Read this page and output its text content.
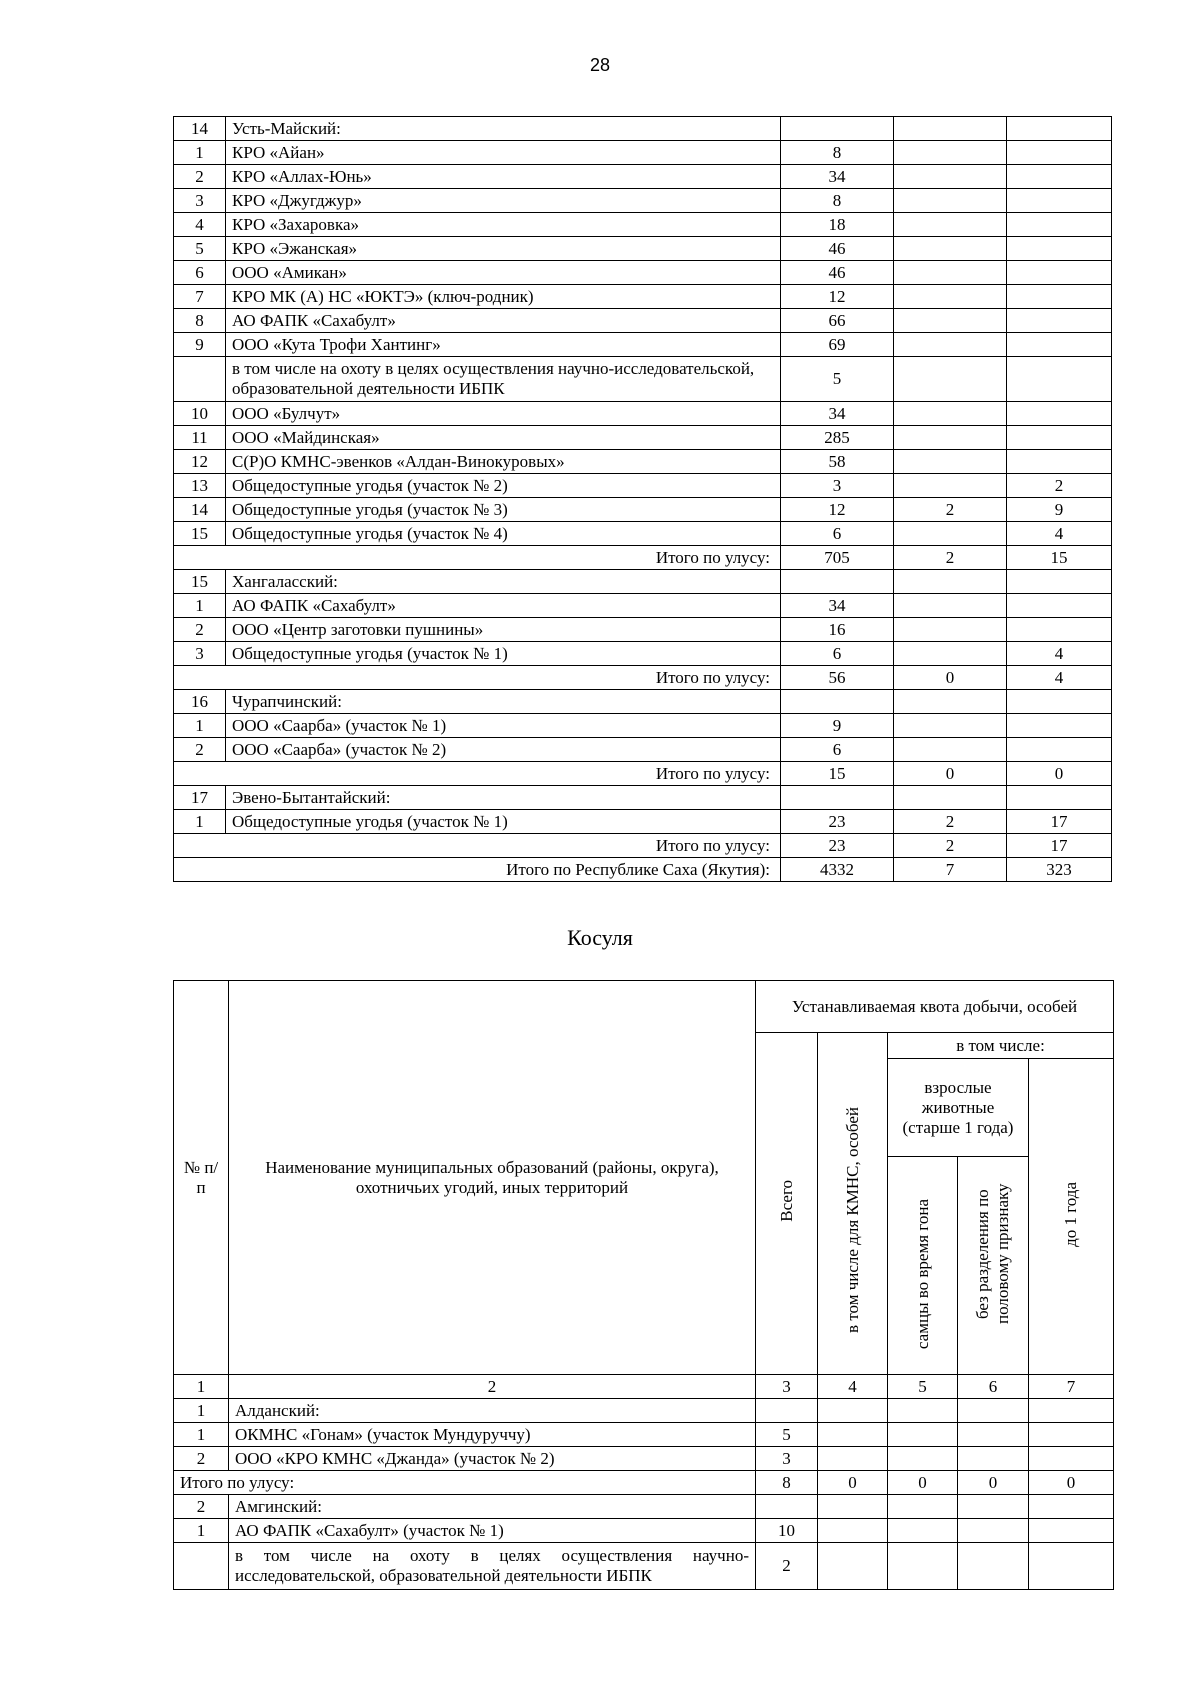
28
14	Усть-Майский:			
1	КРО «Айан»	8		
2	КРО «Аллах-Юнь»	34		
3	КРО «Джугджур»	8		
4	КРО «Захаровка»	18		
5	КРО «Эжанская»	46		
6	ООО «Амикан»	46		
7	КРО МК (А) НС «ЮКТЭ» (ключ-родник)	12		
8	АО ФАПК «Сахабулт»	66		
9	ООО «Кута Трофи Хантинг»	69		
	в том числе на охоту в целях осуществления научно-исследовательской, образовательной деятельности ИБПК	5		
10	ООО «Булчут»	34		
11	ООО «Майдинская»	285		
12	С(Р)О КМНС-эвенков «Алдан-Винокуровых»	58		
13	Общедоступные угодья (участок № 2)	3		2
14	Общедоступные угодья (участок № 3)	12	2	9
15	Общедоступные угодья (участок № 4)	6		4
Итого по улусу:		705	2	15
15	Хангаласский:			
1	АО ФАПК «Сахабулт»	34		
2	ООО «Центр заготовки пушнины»	16		
3	Общедоступные угодья (участок № 1)	6		4
Итого по улусу:		56	0	4
16	Чурапчинский:			
1	ООО «Саарба» (участок № 1)	9		
2	ООО «Саарба» (участок № 2)	6		
Итого по улусу:		15	0	0
17	Эвено-Бытантайский:			
1	Общедоступные угодья (участок № 1)	23	2	17
Итого по улусу:		23	2	17
Итого по Республике Саха (Якутия):		4332	7	323
Косуля
№ п/п	Наименование муниципальных образований (районы, округа), охотничьих угодий, иных территорий	Устанавливаемая квота добычи, особей				
		Всего	в том числе для КМНС, особей	в том числе:		
				взрослые животные (старше 1 года)		до 1 года
				самцы во время гона	без разделения по половому признаку	
1	2	3	4	5	6	7
1	Алданский:					
1	ОКМНС «Гонам» (участок Мундуруччу)	5				
2	ООО «КРО КМНС «Джанда» (участок № 2)	3				
Итого по улусу:		8	0	0	0	0
2	Амгинский:					
1	АО ФАПК «Сахабулт» (участок № 1)	10				
	в том числе на охоту в целях осуществления научно-исследовательской, образовательной деятельности ИБПК	2				
